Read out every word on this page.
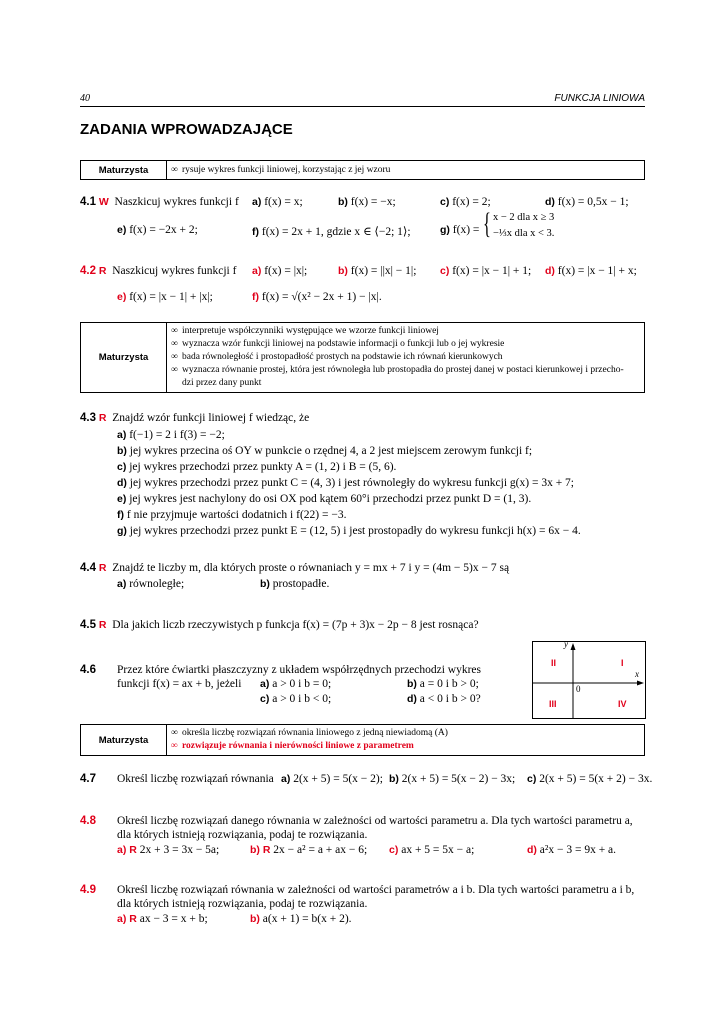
40	FUNKCJA LINIOWA
ZADANIA WPROWADZAJĄCE
Maturzysta	∞ rysuje wykres funkcji liniowej, korzystając z jej wzoru
4.1 W Naszkicuj wykres funkcji f a) f(x) = x;	b) f(x) = −x;	c) f(x) = 2;	d) f(x) = 0,5x − 1;
e) f(x) = −2x + 2;	f) f(x) = 2x + 1, gdzie x ∈ ⟨−2; 1⟩;	g) f(x) = { x − 2 dla x ≥ 3
−⅓x dla x < 3.
4.2 R Naszkicuj wykres funkcji f a) f(x) = |x|;	b) f(x) = ||x| − 1|; c) f(x) = |x − 1| + 1; d) f(x) = |x − 1| + x;
e) f(x) = |x − 1| + |x|;	f) f(x) = √(x² − 2x + 1) − |x|.
Maturzysta	
∞ interpretuje współczynniki występujące we wzorze funkcji liniowej
∞ wyznacza wzór funkcji liniowej na podstawie informacji o funkcji lub o jej wykresie
∞ bada równoległość i prostopadłość prostych na podstawie ich równań kierunkowych
∞ wyznacza równanie prostej, która jest równoległa lub prostopadła do prostej danej w postaci kierunkowej i przecho-
dzi przez dany punkt
4.3 R Znajdź wzór funkcji liniowej f wiedząc, że
a) f(−1) = 2 i f(3) = −2;
b) jej wykres przecina oś OY w punkcie o rzędnej 4, a 2 jest miejscem zerowym funkcji f;
c) jej wykres przechodzi przez punkty A = (1, 2) i B = (5, 6).
d) jej wykres przechodzi przez punkt C = (4, 3) i jest równoległy do wykresu funkcji g(x) = 3x + 7;
e) jej wykres jest nachylony do osi OX pod kątem 60°i przechodzi przez punkt D = (1, 3).
f) f nie przyjmuje wartości dodatnich i f(22) = −3.
g) jej wykres przechodzi przez punkt E = (12, 5) i jest prostopadły do wykresu funkcji h(x) = 6x − 4.
4.4 R Znajdź te liczby m, dla których proste o równaniach y = mx + 7 i y = (4m − 5)x − 7 są
a) równoległe;	b) prostopadłe.
4.5 R Dla jakich liczb rzeczywistych p funkcja f(x) = (7p + 3)x − 2p − 8 jest rosnąca?
4.6 Przez które ćwiartki płaszczyzny z układem współrzędnych przechodzi wykres
funkcji f(x) = ax + b, jeżeli a) a > 0 i b = 0;	b) a = 0 i b > 0;
c) a > 0 i b < 0;	d) a < 0 i b > 0?
y
x
0
II	I
III	IV
Maturzysta	
∞ określa liczbę rozwiązań równania liniowego z jedną niewiadomą (A)
∞ rozwiązuje równania i nierówności liniowe z parametrem
4.7 Określ liczbę rozwiązań równania a) 2(x + 5) = 5(x − 2); b) 2(x + 5) = 5(x − 2) − 3x; c) 2(x + 5) = 5(x + 2) − 3x.
4.8 Określ liczbę rozwiązań danego równania w zależności od wartości parametru a. Dla tych wartości parametru a,
dla których istnieją rozwiązania, podaj te rozwiązania.
a) R 2x + 3 = 3x − 5a;	b) R 2x − a² = a + ax − 6; c) ax + 5 = 5x − a;	d) a²x − 3 = 9x + a.
4.9 Określ liczbę rozwiązań równania w zależności od wartości parametrów a i b. Dla tych wartości parametru a i b,
dla których istnieją rozwiązania, podaj te rozwiązania.
a) R ax − 3 = x + b;	b) a(x + 1) = b(x + 2).
